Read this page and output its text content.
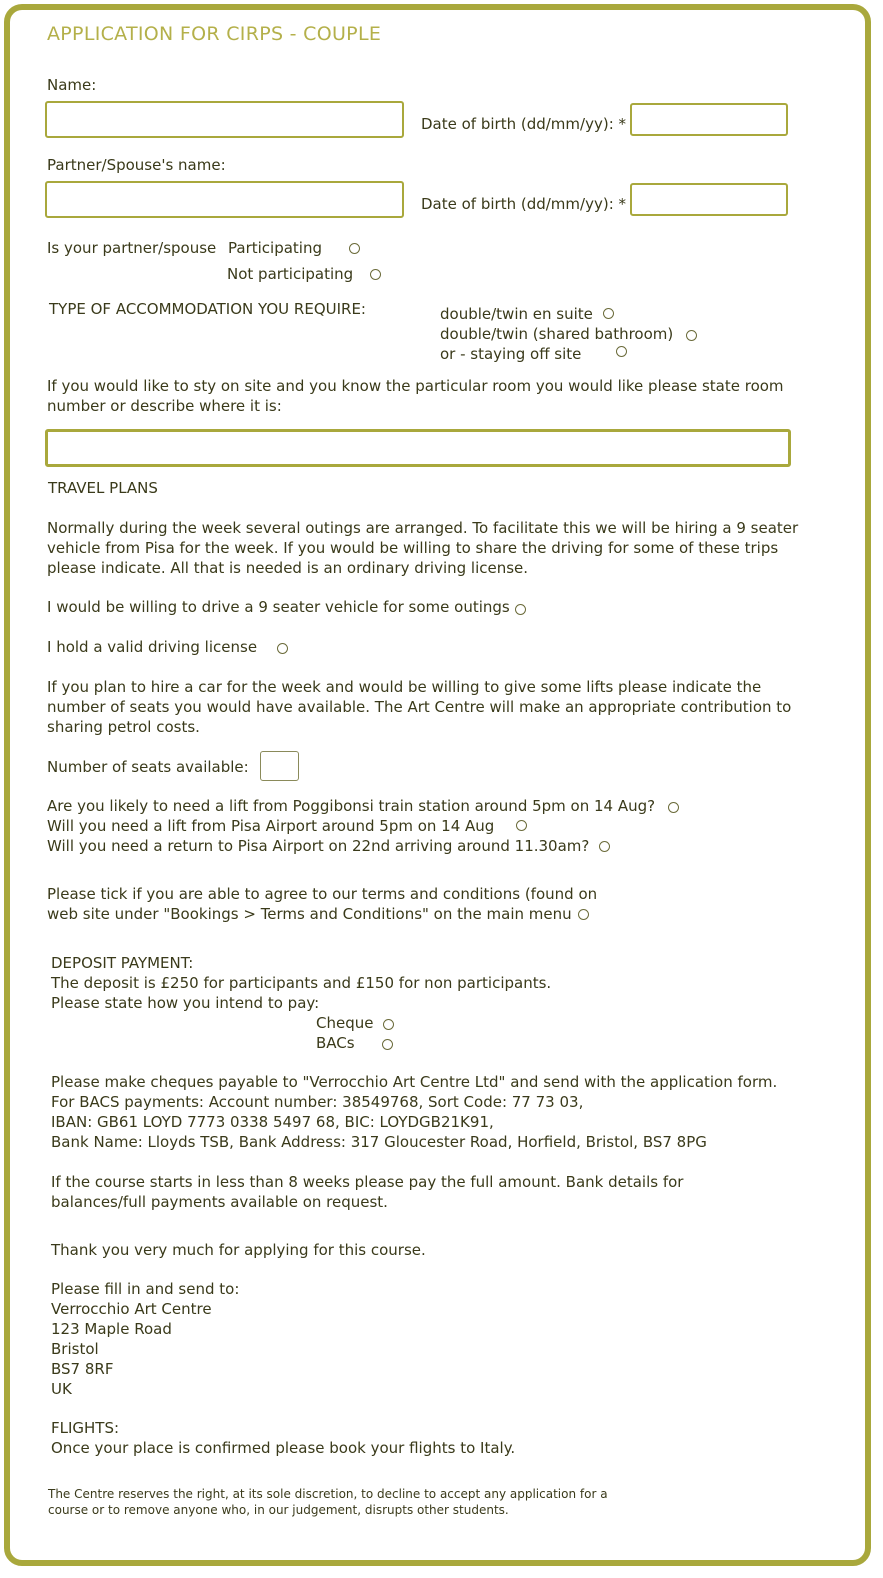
APPLICATION FOR CIRPS - COUPLE
Name:
Date of birth (dd/mm/yy): *
Partner/Spouse's name:
Date of birth (dd/mm/yy): *
Is your partner/spouse Participating
Not participating
TYPE OF ACCOMMODATION YOU REQUIRE:	double/twin en suite
double/twin (shared bathroom)
or - staying off site
If you would like to sty on site and you know the particular room you would like please state room
number or describe where it is:
TRAVEL PLANS
Normally during the week several outings are arranged. To facilitate this we will be hiring a 9 seater
vehicle from Pisa for the week. If you would be willing to share the driving for some of these trips
please indicate. All that is needed is an ordinary driving license.
I would be willing to drive a 9 seater vehicle for some outings
I hold a valid driving license
If you plan to hire a car for the week and would be willing to give some lifts please indicate the
number of seats you would have available. The Art Centre will make an appropriate contribution to
sharing petrol costs.
Number of seats available:
Are you likely to need a lift from Poggibonsi train station around 5pm on 14 Aug?
Will you need a lift from Pisa Airport around 5pm on 14 Aug
Will you need a return to Pisa Airport on 22nd arriving around 11.30am?
Please tick if you are able to agree to our terms and conditions (found on
web site under "Bookings > Terms and Conditions" on the main menu
DEPOSIT PAYMENT:
The deposit is £250 for participants and £150 for non participants.
Please state how you intend to pay:
Cheque
BACs
Please make cheques payable to "Verrocchio Art Centre Ltd" and send with the application form.
For BACS payments: Account number: 38549768, Sort Code: 77 73 03,
IBAN: GB61 LOYD 7773 0338 5497 68, BIC: LOYDGB21K91,
Bank Name: Lloyds TSB, Bank Address: 317 Gloucester Road, Horfield, Bristol, BS7 8PG
If the course starts in less than 8 weeks please pay the full amount. Bank details for
balances/full payments available on request.
Thank you very much for applying for this course.
Please fill in and send to:
Verrocchio Art Centre
123 Maple Road
Bristol
BS7 8RF
UK
FLIGHTS:
Once your place is confirmed please book your flights to Italy.
The Centre reserves the right, at its sole discretion, to decline to accept any application for a
course or to remove anyone who, in our judgement, disrupts other students.
